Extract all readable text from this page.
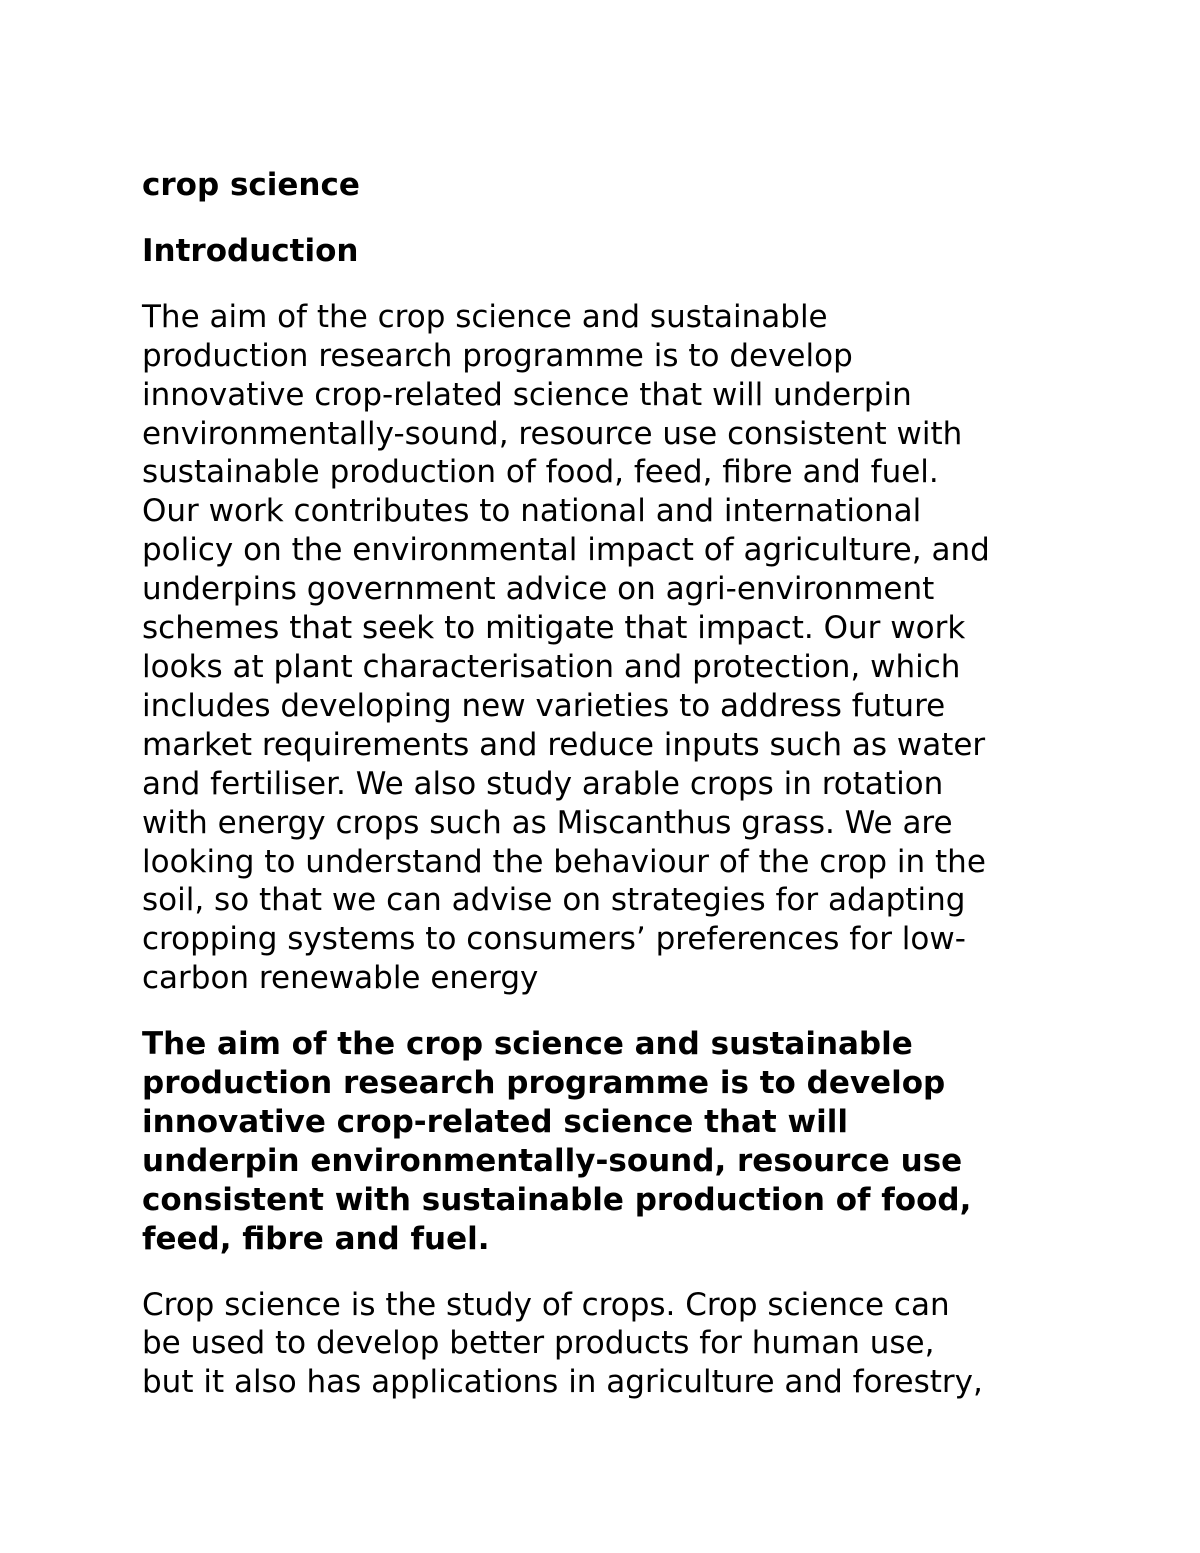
crop science

Introduction

The aim of the crop science and sustainable

production research programme is to develop

innovative crop-related science that will underpin

environmentally-sound, resource use consistent with

sustainable production of food, feed, fibre and fuel.

Our work contributes to national and international

policy on the environmental impact of agriculture, and

underpins government advice on agri-environment

schemes that seek to mitigate that impact. Our work

looks at plant characterisation and protection, which

includes developing new varieties to address future

market requirements and reduce inputs such as water

and fertiliser. We also study arable crops in rotation

with energy crops such as Miscanthus grass. We are

looking to understand the behaviour of the crop in the

soil, so that we can advise on strategies for adapting

cropping systems to consumers’ preferences for low-

carbon renewable energy

The aim of the crop science and sustainable

production research programme is to develop

innovative crop-related science that will

underpin environmentally-sound, resource use

consistent with sustainable production of food,

feed, fibre and fuel.

Crop science is the study of crops. Crop science can

be used to develop better products for human use,

but it also has applications in agriculture and forestry,
